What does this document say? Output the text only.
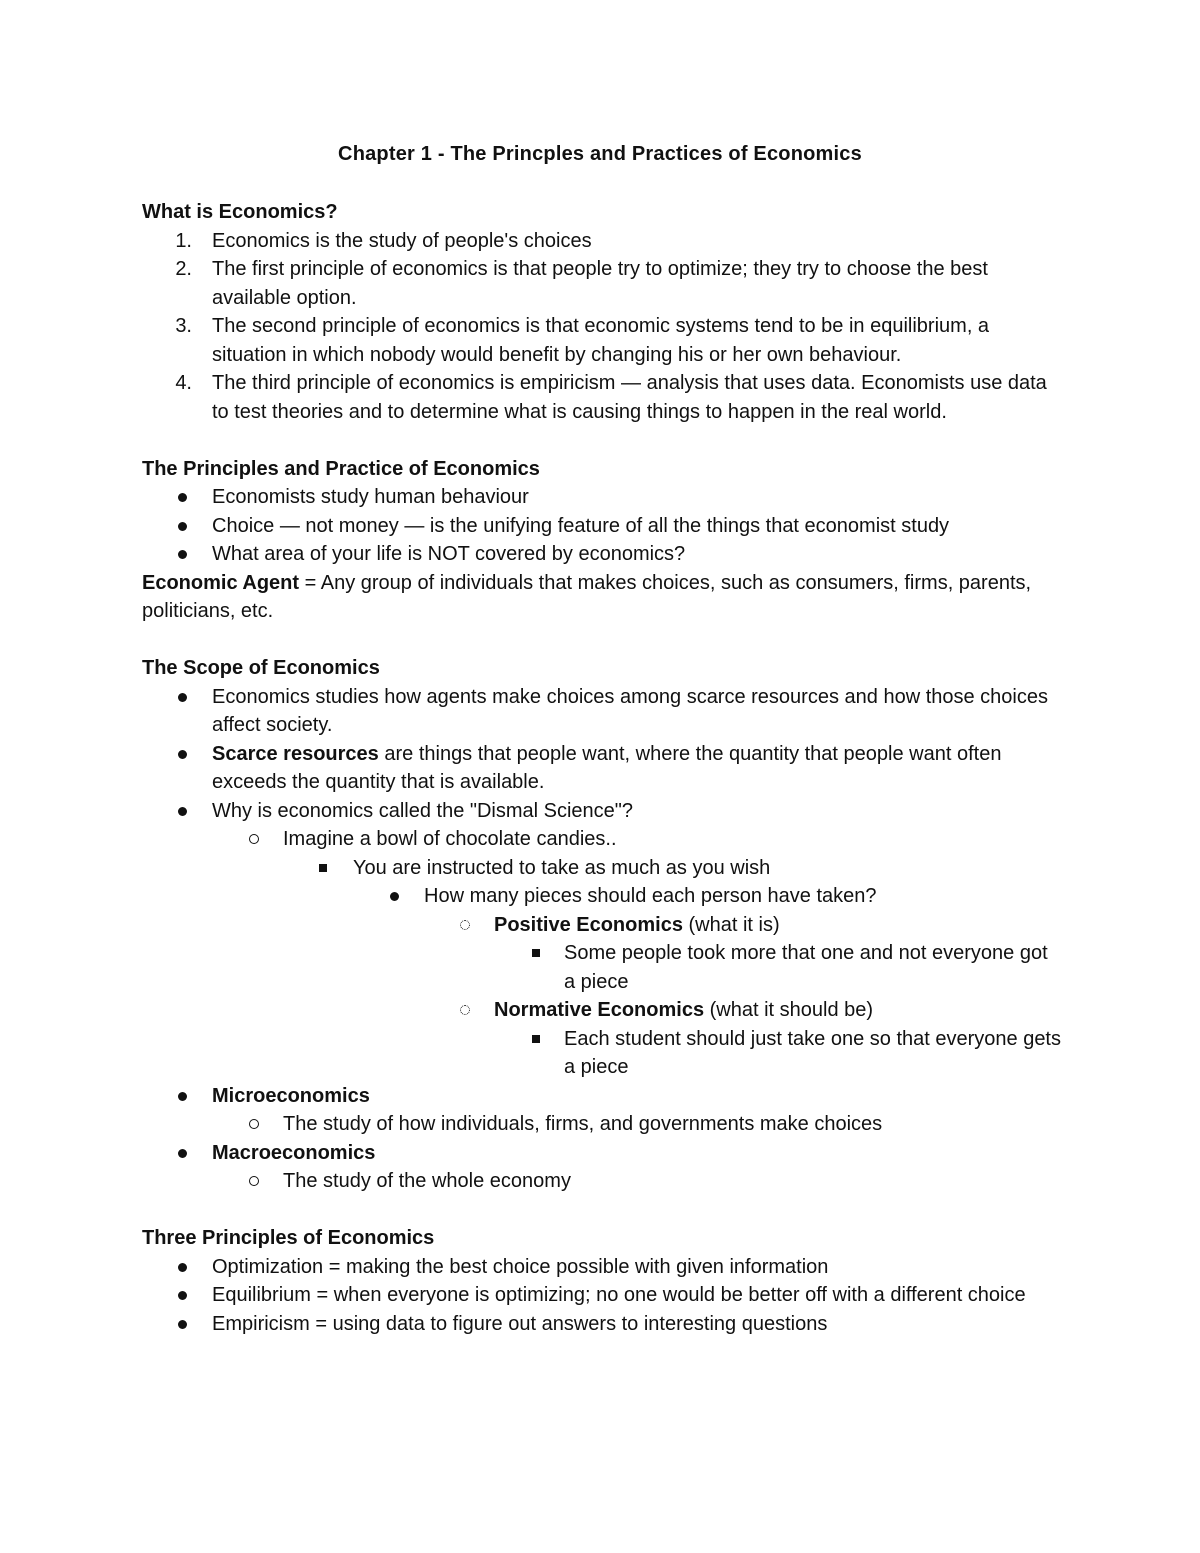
Chapter 1 - The Princples and Practices of Economics
What is Economics?
1. Economics is the study of people's choices
2. The first principle of economics is that people try to optimize; they try to choose the best available option.
3. The second principle of economics is that economic systems tend to be in equilibrium, a situation in which nobody would benefit by changing his or her own behaviour.
4. The third principle of economics is empiricism — analysis that uses data. Economists use data to test theories and to determine what is causing things to happen in the real world.
The Principles and Practice of Economics
Economists study human behaviour
Choice — not money — is the unifying feature of all the things that economist study
What area of your life is NOT covered by economics?
Economic Agent = Any group of individuals that makes choices, such as consumers, firms, parents, politicians, etc.
The Scope of Economics
Economics studies how agents make choices among scarce resources and how those choices affect society.
Scarce resources are things that people want, where the quantity that people want often exceeds the quantity that is available.
Why is economics called the "Dismal Science"?
Imagine a bowl of chocolate candies..
You are instructed to take as much as you wish
How many pieces should each person have taken?
Positive Economics (what it is)
Some people took more that one and not everyone got a piece
Normative Economics (what it should be)
Each student should just take one so that everyone gets a piece
Microeconomics
The study of how individuals, firms, and governments make choices
Macroeconomics
The study of the whole economy
Three Principles of Economics
Optimization = making the best choice possible with given information
Equilibrium = when everyone is optimizing; no one would be better off with a different choice
Empiricism = using data to figure out answers to interesting questions
